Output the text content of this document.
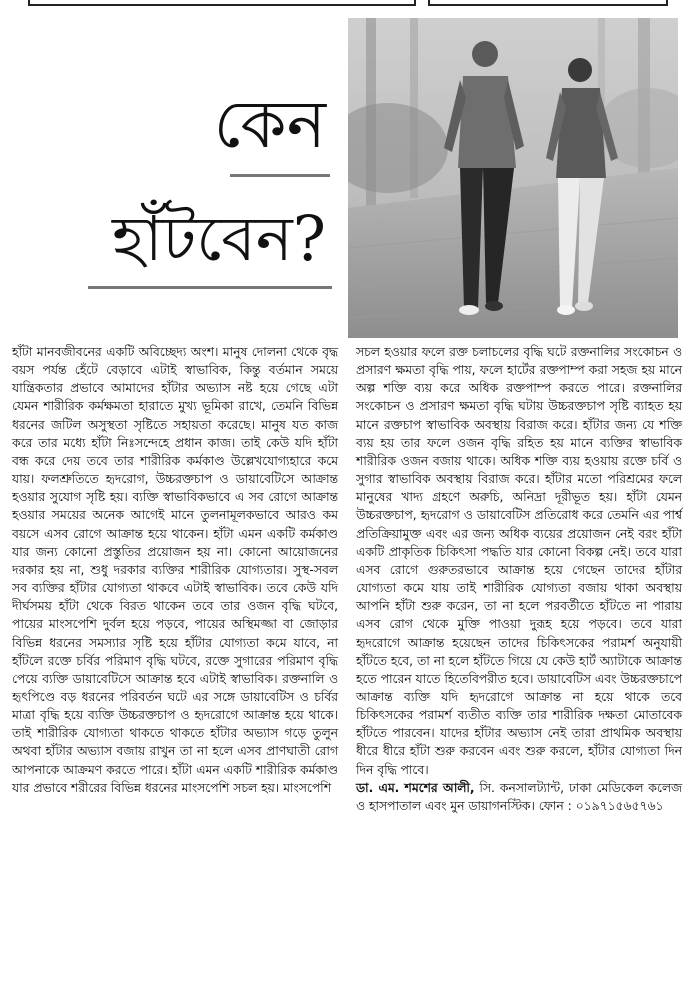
কেন
হাঁটবেন?

হাঁটা মানবজীবনের একটি অবিচ্ছেদ্য অংশ। মানুষ দোলনা থেকে বৃদ্ধ বয়স পর্যন্ত হেঁটে বেড়াবে এটাই স্বাভাবিক, কিন্তু বর্তমান সময়ে যান্ত্রিকতার প্রভাবে আমাদের হাঁটার অভ্যাস নষ্ট হয়ে গেছে এটা যেমন শারীরিক কর্মক্ষমতা হারাতে মুখ্য ভূমিকা রাখে, তেমনি বিভিন্ন ধরনের জটিল অসুস্থতা সৃষ্টিতে সহায়তা করেছে। মানুষ যত কাজ করে তার মধ্যে হাঁটা নিঃসন্দেহে প্রধান কাজ। তাই কেউ যদি হাঁটা বন্ধ করে দেয় তবে তার শারীরিক কর্মকাণ্ড উল্লেখযোগ্যহারে কমে যায়। ফলশ্রুতিতে হৃদরোগ, উচ্চরক্তচাপ ও ডায়াবেটিসে আক্রান্ত হওয়ার সুযোগ সৃষ্টি হয়। ব্যক্তি স্বাভাবিকভাবে এ সব রোগে আক্রান্ত হওয়ার সময়ের অনেক আগেই মানে তুলনামূলকভাবে আরও কম বয়সে এসব রোগে আক্রান্ত হয়ে থাকেন। হাঁটা এমন একটি কর্মকাণ্ড যার জন্য কোনো প্রস্তুতির প্রয়োজন হয় না। কোনো আয়োজনের দরকার হয় না, শুধু দরকার ব্যক্তির শারীরিক যোগ্যতার। সুস্থ-সবল সব ব্যক্তির হাঁটার যোগ্যতা থাকবে এটাই স্বাভাবিক। তবে কেউ যদি দীর্ঘসময় হাঁটা থেকে বিরত থাকেন তবে তার ওজন বৃদ্ধি ঘটবে, পায়ের মাংসপেশি দুর্বল হয়ে পড়বে, পায়ের অস্থিমজ্জা বা জোড়ার বিভিন্ন ধরনের সমস্যার সৃষ্টি হয়ে হাঁটার যোগ্যতা কমে যাবে, না হাঁটলে রক্তে চর্বির পরিমাণ বৃদ্ধি ঘটবে, রক্তে সুগারের পরিমাণ বৃদ্ধি পেয়ে ব্যক্তি ডায়াবেটিসে আক্রান্ত হবে এটাই স্বাভাবিক। রক্তনালি ও হৃৎপিণ্ডে বড় ধরনের পরিবর্তন ঘটে এর সঙ্গে ডায়াবেটিস ও চর্বির মাত্রা বৃদ্ধি হয়ে ব্যক্তি উচ্চরক্তচাপ ও হৃদরোগে আক্রান্ত হয়ে থাকে। তাই শারীরিক যোগ্যতা থাকতে থাকতে হাঁটার অভ্যাস গড়ে তুলুন অথবা হাঁটার অভ্যাস বজায় রাখুন তা না হলে এসব প্রাণঘাতী রোগ আপনাকে আক্রমণ করতে পারে। হাঁটা এমন একটি শারীরিক কর্মকাণ্ড যার প্রভাবে শরীরের বিভিন্ন ধরনের মাংসপেশি সচল হয়। মাংসপেশি

সচল হওয়ার ফলে রক্ত চলাচলের বৃদ্ধি ঘটে রক্তনালির সংকোচন ও প্রসারণ ক্ষমতা বৃদ্ধি পায়, ফলে হার্টের রক্তপাম্প করা সহজ হয় মানে অল্প শক্তি ব্যয় করে অধিক রক্তপাম্প করতে পারে। রক্তনালির সংকোচন ও প্রসারণ ক্ষমতা বৃদ্ধি ঘটায় উচ্চরক্তচাপ সৃষ্টি ব্যাহত হয় মানে রক্তচাপ স্বাভাবিক অবস্থায় বিরাজ করে। হাঁটার জন্য যে শক্তি ব্যয় হয় তার ফলে ওজন বৃদ্ধি রহিত হয় মানে ব্যক্তির স্বাভাবিক শারীরিক ওজন বজায় থাকে। অধিক শক্তি ব্যয় হওয়ায় রক্তে চর্বি ও সুগার স্বাভাবিক অবস্থায় বিরাজ করে। হাঁটার মতো পরিশ্রমের ফলে মানুষের খাদ্য গ্রহণে অরুচি, অনিদ্রা দূরীভূত হয়। হাঁটা যেমন উচ্চরক্তচাপ, হৃদরোগ ও ডায়াবেটিস প্রতিরোধ করে তেমনি এর পার্শ্ব প্রতিক্রিয়ামুক্ত এবং এর জন্য অধিক ব্যয়ের প্রয়োজন নেই বরং হাঁটা একটি প্রাকৃতিক চিকিৎসা পদ্ধতি যার কোনো বিকল্প নেই। তবে যারা এসব রোগে গুরুতরভাবে আক্রান্ত হয়ে গেছেন তাদের হাঁটার যোগ্যতা কমে যায় তাই শারীরিক যোগ্যতা বজায় থাকা অবস্থায় আপনি হাঁটা শুরু করেন, তা না হলে পরবর্তীতে হাঁটতে না পারায় এসব রোগ থেকে মুক্তি পাওয়া দুরূহ হয়ে পড়বে। তবে যারা হৃদরোগে আক্রান্ত হয়েছেন তাদের চিকিৎসকের পরামর্শ অনুযায়ী হাঁটতে হবে, তা না হলে হাঁটতে গিয়ে যে কেউ হার্ট অ্যাটাকে আক্রান্ত হতে পারেন যাতে হিতেবিপরীত হবে। ডায়াবেটিস এবং উচ্চরক্তচাপে আক্রান্ত ব্যক্তি যদি হৃদরোগে আক্রান্ত না হয়ে থাকে তবে চিকিৎসকের পরামর্শ ব্যতীত ব্যক্তি তার শারীরিক দক্ষতা মোতাবেক হাঁটতে পারবেন। যাদের হাঁটার অভ্যাস নেই তারা প্রাথমিক অবস্থায় ধীরে ধীরে হাঁটা শুরু করবেন এবং শুরু করলে, হাঁটার যোগ্যতা দিন দিন বৃদ্ধি পাবে।

ডা. এম. শমশের আলী, সি. কনসালট্যান্ট, ঢাকা মেডিকেল কলেজ ও হাসপাতাল এবং মুন ডায়াগনস্টিক। ফোন : ০১৯৭১৫৬৫৭৬১
